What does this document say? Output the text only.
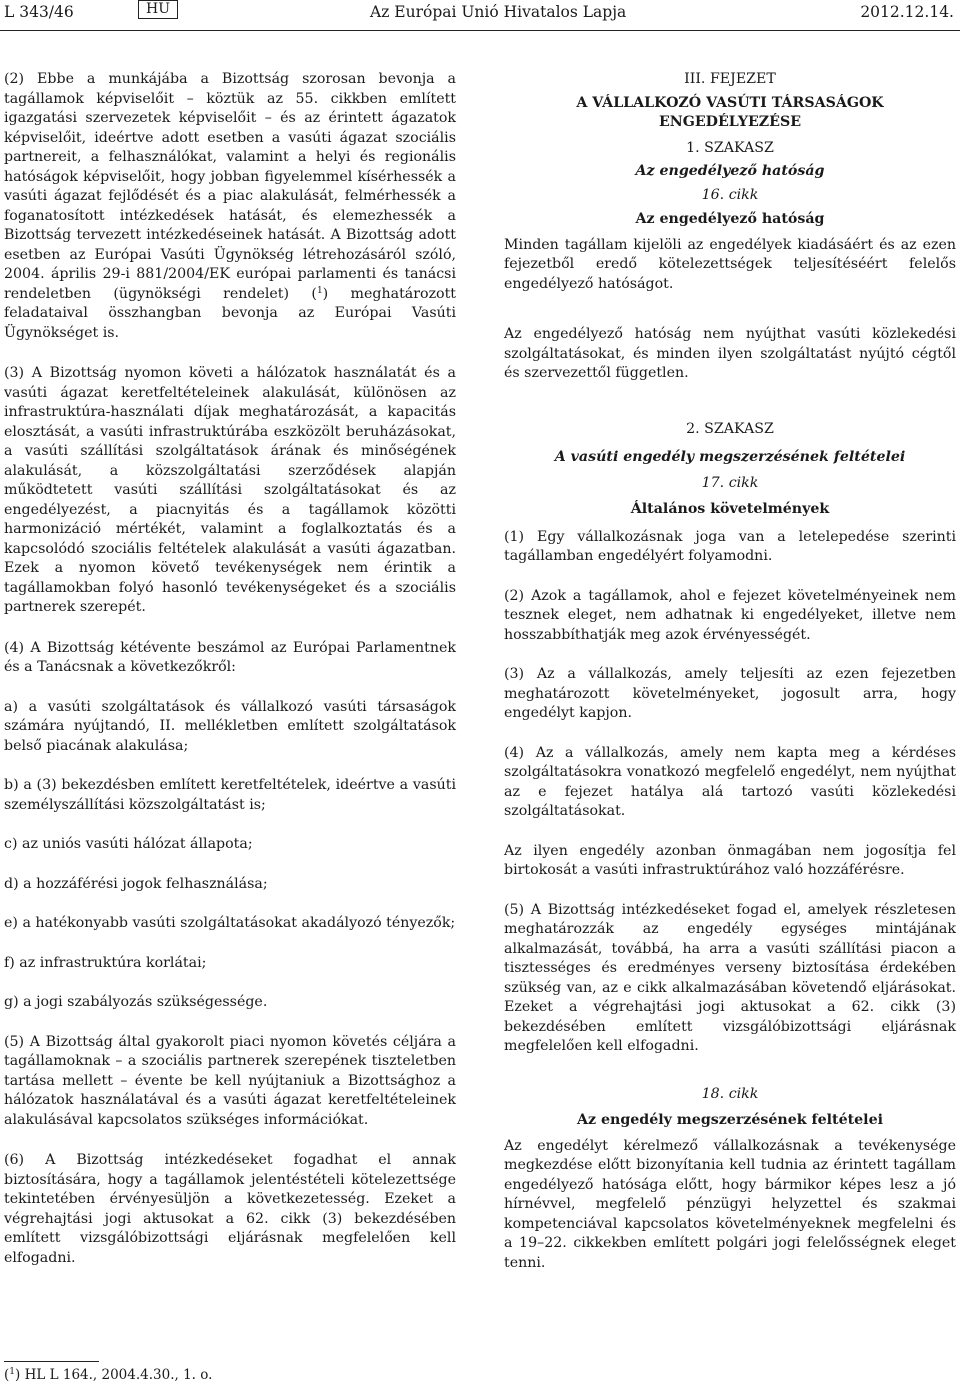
L 343/46	HU	Az Európai Unió Hivatalos Lapja	2012.12.14.

(2) Ebbe a munkájába a Bizottság szorosan bevonja a tagállamok képviselőit – köztük az 55. cikkben említett igazgatási szervezetek képviselőit – és az érintett ágazatok képviselőit, ideértve adott esetben a vasúti ágazat szociális partnereit, a felhasználókat, valamint a helyi és regionális hatóságok képviselőit, hogy jobban figyelemmel kísérhessék a vasúti ágazat fejlődését és a piac alakulását, felmérhessék a foganatosított intézkedések hatását, és elemezhessék a Bizottság tervezett intézkedéseinek hatását. A Bizottság adott esetben az Európai Vasúti Ügynökség létrehozásáról szóló, 2004. április 29-i 881/2004/EK európai parlamenti és tanácsi rendeletben (ügynökségi rendelet) ($^1$) meghatározott feladataival összhangban bevonja az Európai Vasúti Ügynökséget is.

(3) A Bizottság nyomon követi a hálózatok használatát és a vasúti ágazat keretfeltételeinek alakulását, különösen az infrastruktúra-használati díjak meghatározását, a kapacitás elosztását, a vasúti infrastruktúrába eszközölt beruházásokat, a vasúti szállítási szolgáltatások árának és minőségének alakulását, a közszolgáltatási szerződések alapján működtetett vasúti szállítási szolgáltatásokat és az engedélyezést, a piacnyitás és a tagállamok közötti harmonizáció mértékét, valamint a foglalkoztatás és a kapcsolódó szociális feltételek alakulását a vasúti ágazatban. Ezek a nyomon követő tevékenységek nem érintik a tagállamokban folyó hasonló tevékenységeket és a szociális partnerek szerepét.

(4) A Bizottság kétévente beszámol az Európai Parlamentnek és a Tanácsnak a következőkről:

a) a vasúti szolgáltatások és vállalkozó vasúti társaságok számára nyújtandó, II. mellékletben említett szolgáltatások belső piacának alakulása;

b) a (3) bekezdésben említett keretfeltételek, ideértve a vasúti személyszállítási közszolgáltatást is;

c) az uniós vasúti hálózat állapota;

d) a hozzáférési jogok felhasználása;

e) a hatékonyabb vasúti szolgáltatásokat akadályozó tényezők;

f) az infrastruktúra korlátai;

g) a jogi szabályozás szükségessége.

(5) A Bizottság által gyakorolt piaci nyomon követés céljára a tagállamoknak – a szociális partnerek szerepének tiszteletben tartása mellett – évente be kell nyújtaniuk a Bizottsághoz a hálózatok használatával és a vasúti ágazat keretfeltételeinek alakulásával kapcsolatos szükséges információkat.

(6) A Bizottság intézkedéseket fogadhat el annak biztosítására, hogy a tagállamok jelentéstételi kötelezettsége tekintetében érvényesüljön a következetesség. Ezeket a végrehajtási jogi aktusokat a 62. cikk (3) bekezdésében említett vizsgálóbizottsági eljárásnak megfelelően kell elfogadni.

III. FEJEZET

A VÁLLALKOZÓ VASÚTI TÁRSASÁGOK ENGEDÉLYEZÉSE

1. SZAKASZ

Az engedélyező hatóság

16. cikk

Az engedélyező hatóság

Minden tagállam kijelöli az engedélyek kiadásáért és az ezen fejezetből eredő kötelezettségek teljesítéséért felelős engedélyező hatóságot.

Az engedélyező hatóság nem nyújthat vasúti közlekedési szolgáltatásokat, és minden ilyen szolgáltatást nyújtó cégtől és szervezettől független.

2. SZAKASZ

A vasúti engedély megszerzésének feltételei

17. cikk

Általános követelmények

(1) Egy vállalkozásnak joga van a letelepedése szerinti tagállamban engedélyért folyamodni.

(2) Azok a tagállamok, ahol e fejezet követelményeinek nem tesznek eleget, nem adhatnak ki engedélyeket, illetve nem hosszabbíthatják meg azok érvényességét.

(3) Az a vállalkozás, amely teljesíti az ezen fejezetben meghatározott követelményeket, jogosult arra, hogy engedélyt kapjon.

(4) Az a vállalkozás, amely nem kapta meg a kérdéses szolgáltatásokra vonatkozó megfelelő engedélyt, nem nyújthat az e fejezet hatálya alá tartozó vasúti közlekedési szolgáltatásokat.

Az ilyen engedély azonban önmagában nem jogosítja fel birtokosát a vasúti infrastruktúrához való hozzáférésre.

(5) A Bizottság intézkedéseket fogad el, amelyek részletesen meghatározzák az engedély egységes mintájának alkalmazását, továbbá, ha arra a vasúti szállítási piacon a tisztességes és eredményes verseny biztosítása érdekében szükség van, az e cikk alkalmazásában követendő eljárásokat. Ezeket a végrehajtási jogi aktusokat a 62. cikk (3) bekezdésében említett vizsgálóbizottsági eljárásnak megfelelően kell elfogadni.

18. cikk

Az engedély megszerzésének feltételei

Az engedélyt kérelmező vállalkozásnak a tevékenysége megkezdése előtt bizonyítania kell tudnia az érintett tagállam engedélyező hatósága előtt, hogy bármikor képes lesz a jó hírnévvel, megfelelő pénzügyi helyzettel és szakmai kompetenciával kapcsolatos követelményeknek megfelelni és a 19–22. cikkekben említett polgári jogi felelősségnek eleget tenni.

($^1$) HL L 164., 2004.4.30., 1. o.
